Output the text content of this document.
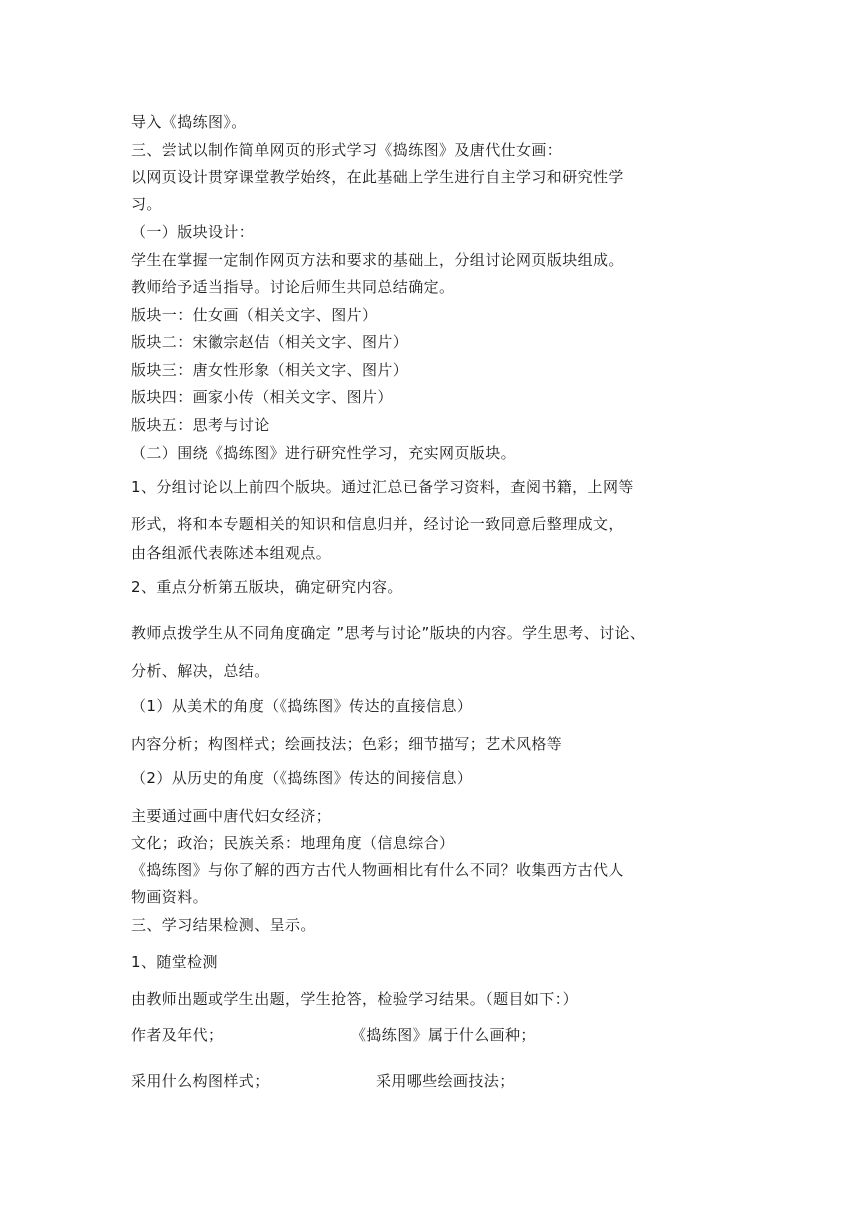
导入《捣练图》。
三、尝试以制作简单网页的形式学习《捣练图》及唐代仕女画：
以网页设计贯穿课堂教学始终，在此基础上学生进行自主学习和研究性学
习。
（一）版块设计：
学生在掌握一定制作网页方法和要求的基础上，分组讨论网页版块组成。
教师给予适当指导。讨论后师生共同总结确定。
版块一：仕女画（相关文字、图片）
版块二：宋徽宗赵佶（相关文字、图片）
版块三：唐女性形象（相关文字、图片）
版块四：画家小传（相关文字、图片）
版块五：思考与讨论
（二）围绕《捣练图》进行研究性学习，充实网页版块。
1、分组讨论以上前四个版块。通过汇总已备学习资料，查阅书籍，上网等
形式，将和本专题相关的知识和信息归并，经讨论一致同意后整理成文，
由各组派代表陈述本组观点。
2、重点分析第五版块，确定研究内容。
教师点拨学生从不同角度确定 ”思考与讨论”版块的内容。学生思考、讨论、
分析、解决，总结。
（1）从美术的角度（《捣练图》传达的直接信息）
内容分析；构图样式；绘画技法；色彩；细节描写；艺术风格等
（2）从历史的角度（《捣练图》传达的间接信息）
主要通过画中唐代妇女经济；
文化；政治；民族关系：地理角度（信息综合）
《捣练图》与你了解的西方古代人物画相比有什么不同？收集西方古代人
物画资料。
三、学习结果检测、呈示。
1、随堂检测
由教师出题或学生出题，学生抢答，检验学习结果。（题目如下：）
作者及年代；	《捣练图》属于什么画种；
采用什么构图样式；	采用哪些绘画技法；
